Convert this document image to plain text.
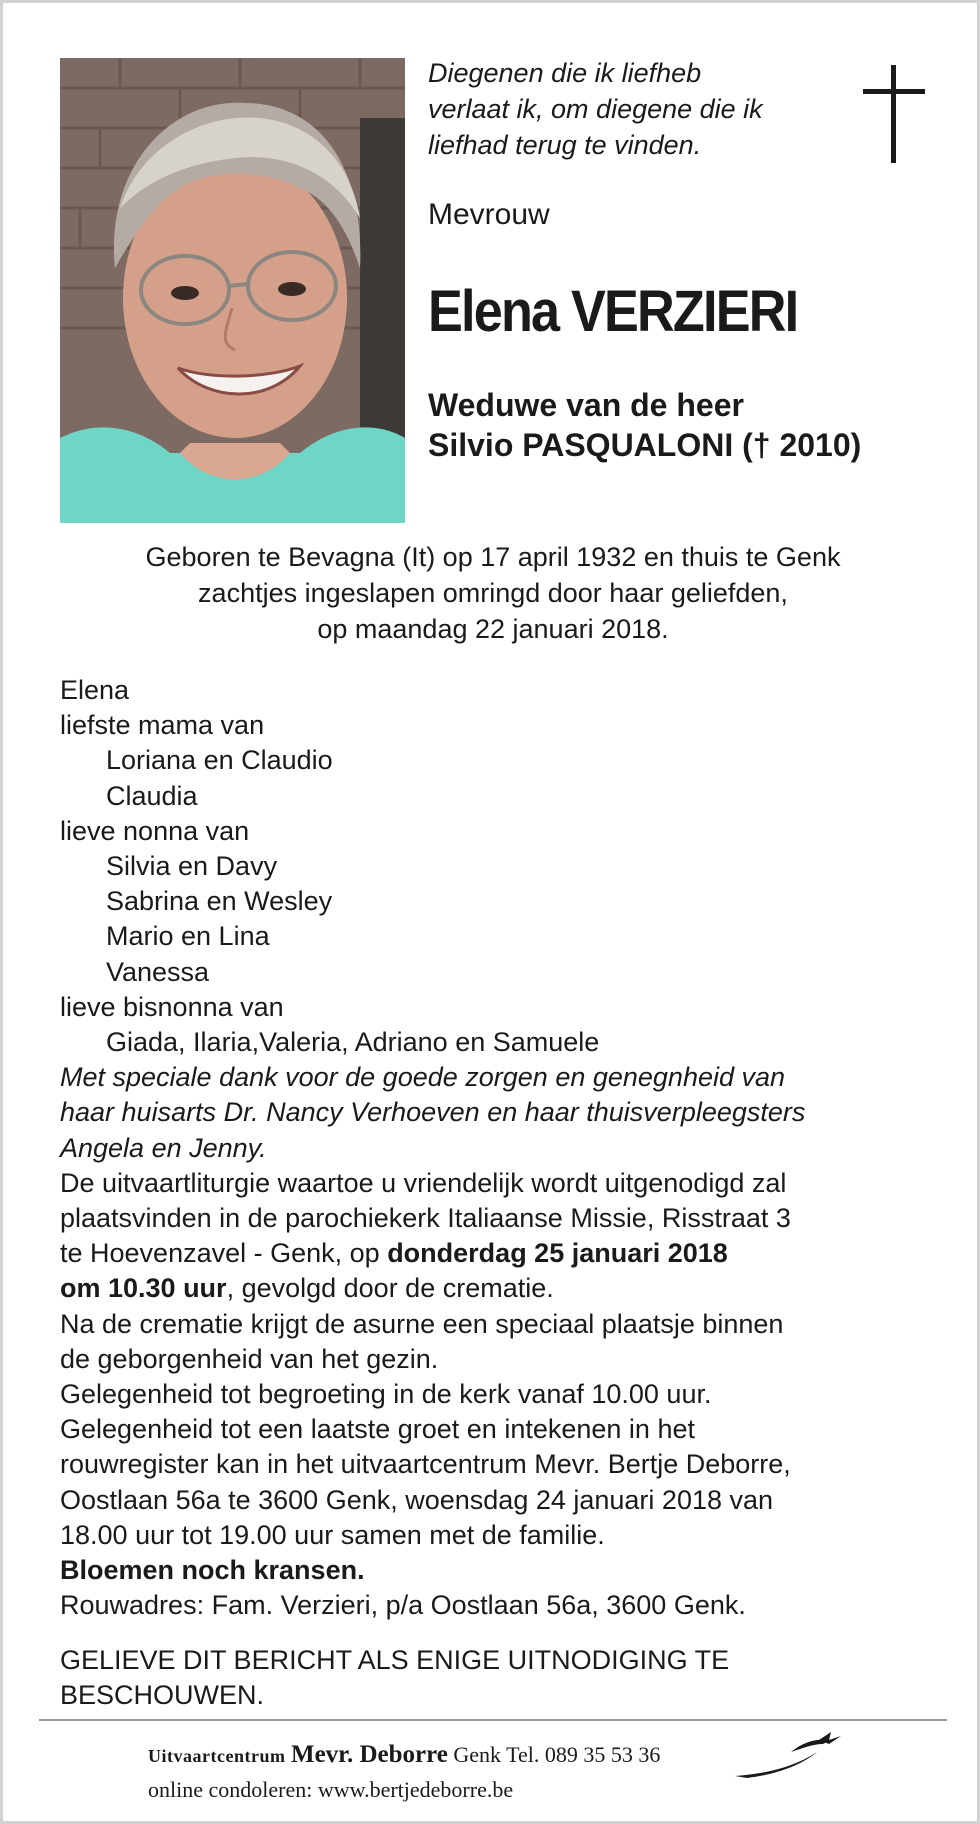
Diegenen die ik liefheb
verlaat ik, om diegene die ik
liefhad terug te vinden.
Mevrouw
Elena VERZIERI
Weduwe van de heer
Silvio PASQUALONI († 2010)
Geboren te Bevagna (It) op 17 april 1932 en thuis te Genk
zachtjes ingeslapen omringd door haar geliefden,
op maandag 22 januari 2018.
Elena
liefste mama van
Loriana en Claudio
Claudia
lieve nonna van
Silvia en Davy
Sabrina en Wesley
Mario en Lina
Vanessa
lieve bisnonna van
Giada, Ilaria,Valeria, Adriano en Samuele
Met speciale dank voor de goede zorgen en genegnheid van
haar huisarts Dr. Nancy Verhoeven en haar thuisverpleegsters
Angela en Jenny.
De uitvaartliturgie waartoe u vriendelijk wordt uitgenodigd zal
plaatsvinden in de parochiekerk Italiaanse Missie, Risstraat 3
te Hoevenzavel - Genk, op donderdag 25 januari 2018
om 10.30 uur, gevolgd door de crematie.
Na de crematie krijgt de asurne een speciaal plaatsje binnen
de geborgenheid van het gezin.
Gelegenheid tot begroeting in de kerk vanaf 10.00 uur.
Gelegenheid tot een laatste groet en intekenen in het
rouwregister kan in het uitvaartcentrum Mevr. Bertje Deborre,
Oostlaan 56a te 3600 Genk, woensdag 24 januari 2018 van
18.00 uur tot 19.00 uur samen met de familie.
Bloemen noch kransen.
Rouwadres: Fam. Verzieri, p/a Oostlaan 56a, 3600 Genk.
GELIEVE DIT BERICHT ALS ENIGE UITNODIGING TE
BESCHOUWEN.
Uitvaartcentrum Mevr. Deborre Genk Tel. 089 35 53 36
online condoleren: www.bertjedeborre.be
